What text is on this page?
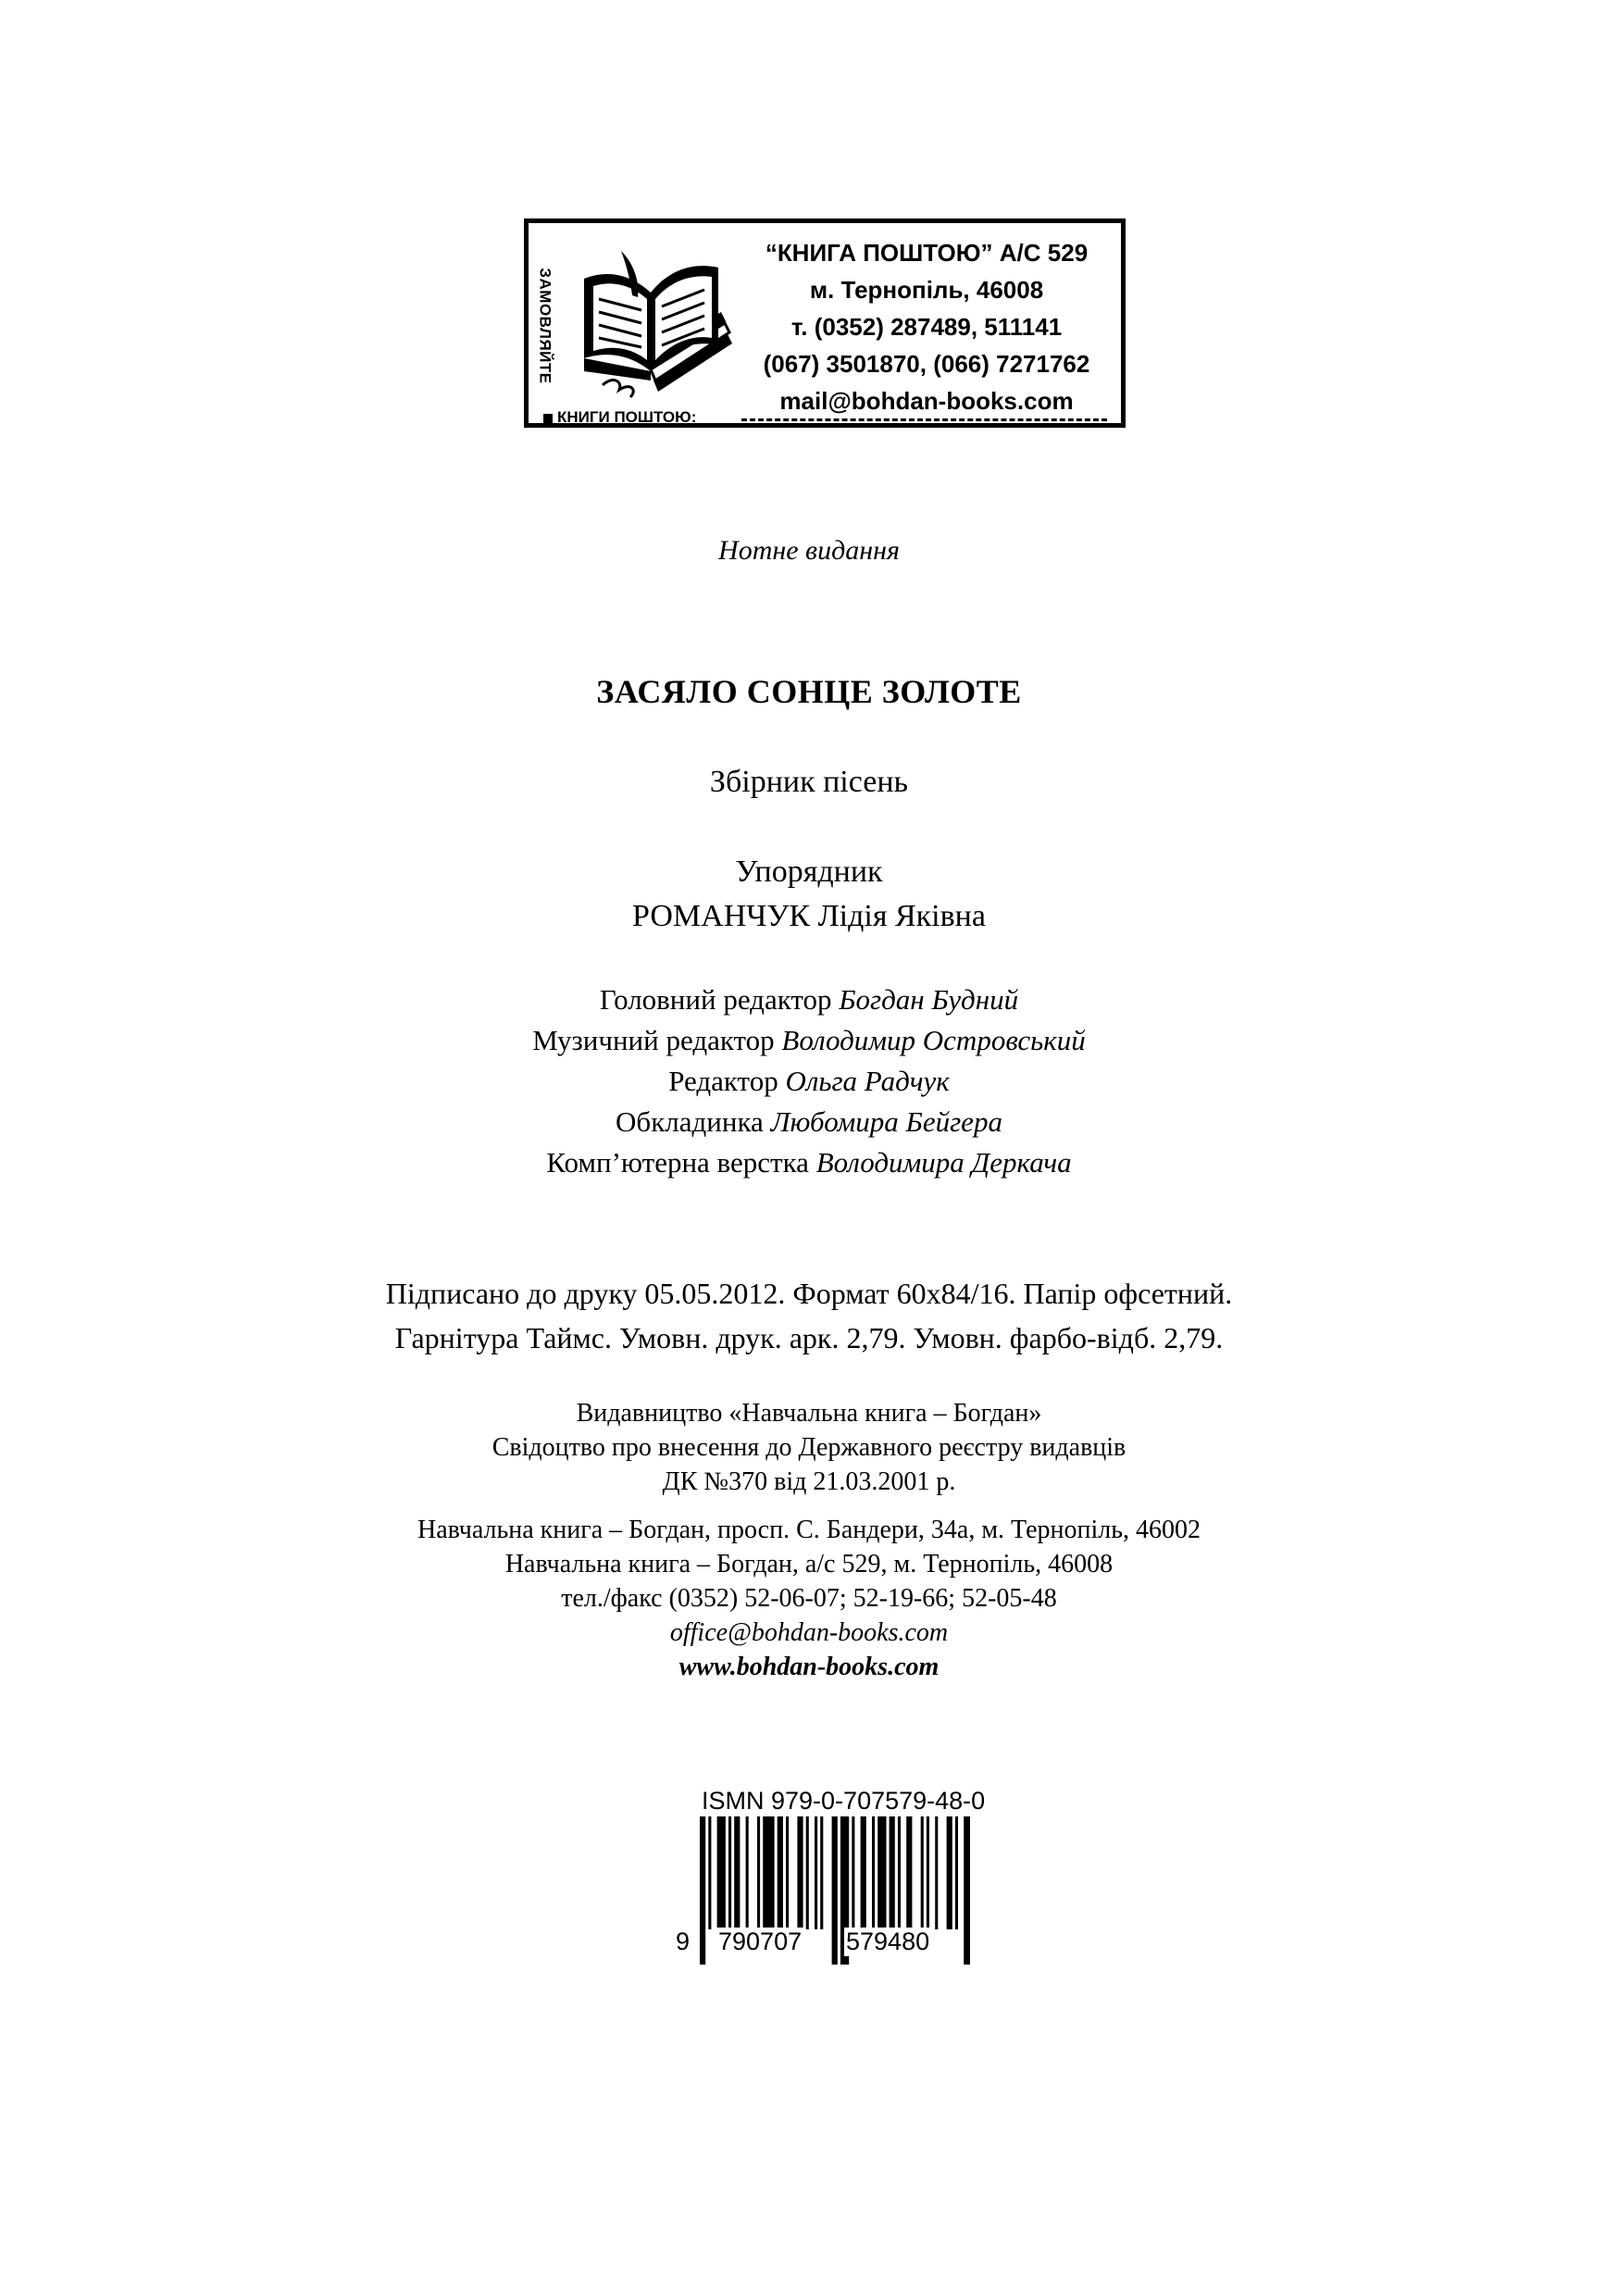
ЗАМОВЛЯЙТЕ
“КНИГА ПОШТОЮ” А/С 529
м. Тернопіль, 46008
т. (0352) 287489, 511141
(067) 3501870, (066) 7271762
mail@bohdan-books.com
КНИГИ ПОШТОЮ:
Нотне видання
ЗАСЯЛО СОНЦЕ ЗОЛОТЕ
Збірник пісень
Упорядник
РОМАНЧУК Лідія Яківна
Головний редактор Богдан Будний
Музичний редактор Володимир Островський
Редактор Ольга Радчук
Обкладинка Любомира Бейгера
Комп’ютерна верстка Володимира Деркача
Підписано до друку 05.05.2012. Формат 60х84/16. Папір офсетний.
Гарнітура Таймс. Умовн. друк. арк. 2,79. Умовн. фарбо-відб. 2,79.
Видавництво «Навчальна книга – Богдан»
Свідоцтво про внесення до Державного реєстру видавців
ДК №370 від 21.03.2001 р.
Навчальна книга – Богдан, просп. С. Бандери, 34а, м. Тернопіль, 46002
Навчальна книга – Богдан, а/с 529, м. Тернопіль, 46008
тел./факс (0352) 52-06-07; 52-19-66; 52-05-48
office@bohdan-books.com
www.bohdan-books.com
ISMN 979-0-707579-48-0
9 790707 579480
